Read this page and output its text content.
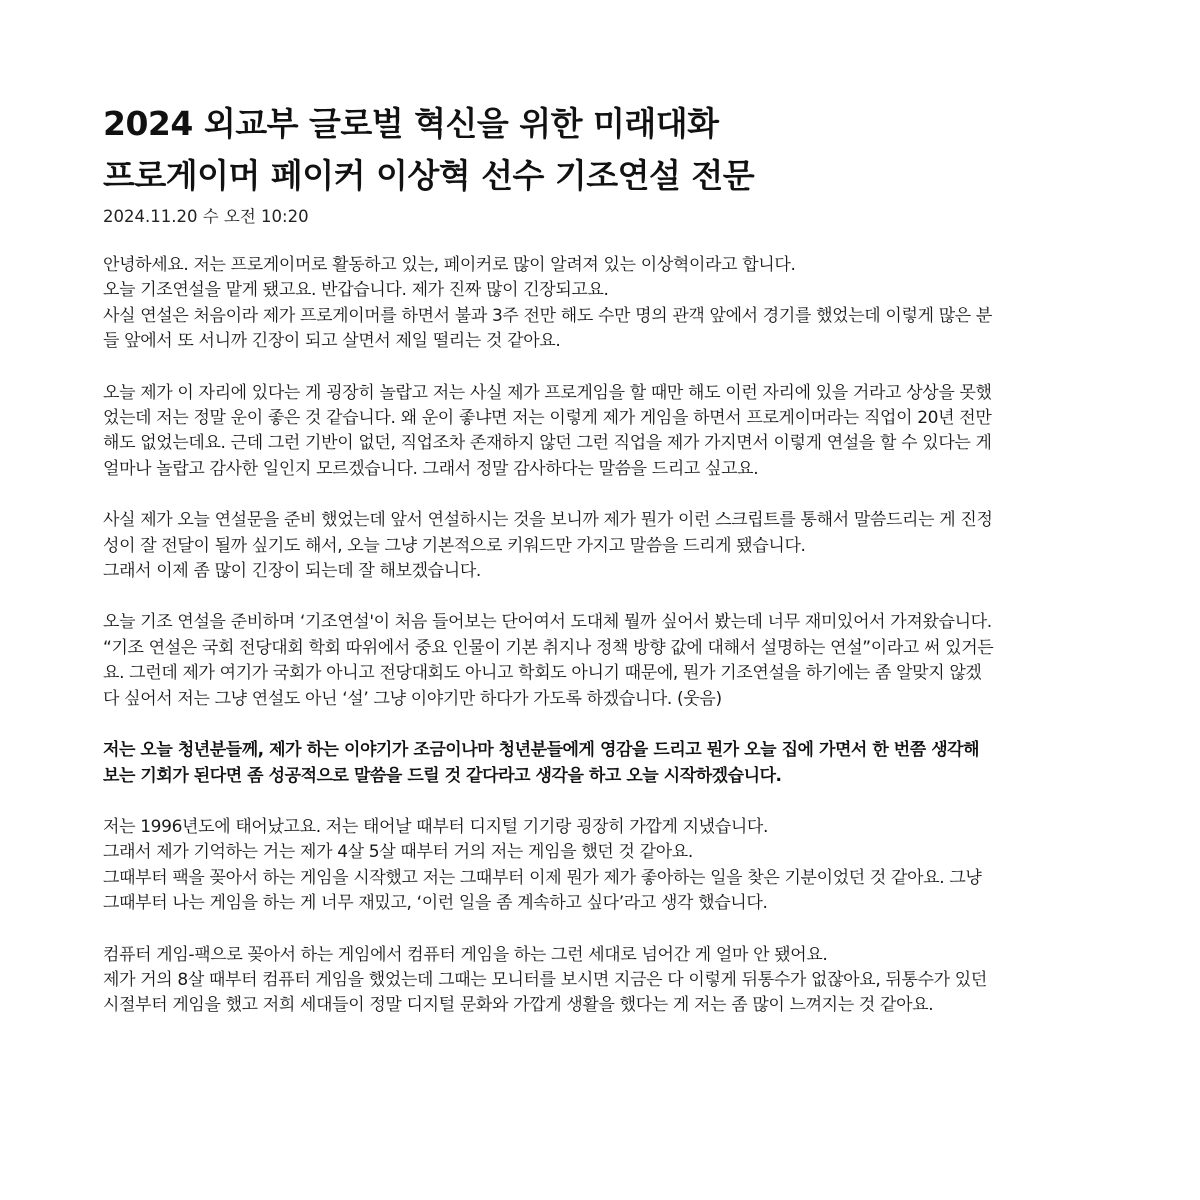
2024 외교부 글로벌 혁신을 위한 미래대화
프로게이머 페이커 이상혁 선수 기조연설 전문
2024.11.20 수 오전 10:20

안녕하세요. 저는 프로게이머로 활동하고 있는, 페이커로 많이 알려져 있는 이상혁이라고 합니다.
오늘 기조연설을 맡게 됐고요. 반갑습니다. 제가 진짜 많이 긴장되고요.
사실 연설은 처음이라 제가 프로게이머를 하면서 불과 3주 전만 해도 수만 명의 관객 앞에서 경기를 했었는데 이렇게 많은 분
들 앞에서 또 서니까 긴장이 되고 살면서 제일 떨리는 것 같아요.

오늘 제가 이 자리에 있다는 게 굉장히 놀랍고 저는 사실 제가 프로게임을 할 때만 해도 이런 자리에 있을 거라고 상상을 못했
었는데 저는 정말 운이 좋은 것 같습니다. 왜 운이 좋냐면 저는 이렇게 제가 게임을 하면서 프로게이머라는 직업이 20년 전만
해도 없었는데요. 근데 그런 기반이 없던, 직업조차 존재하지 않던 그런 직업을 제가 가지면서 이렇게 연설을 할 수 있다는 게
얼마나 놀랍고 감사한 일인지 모르겠습니다. 그래서 정말 감사하다는 말씀을 드리고 싶고요.

사실 제가 오늘 연설문을 준비 했었는데 앞서 연설하시는 것을 보니까 제가 뭔가 이런 스크립트를 통해서 말씀드리는 게 진정
성이 잘 전달이 될까 싶기도 해서, 오늘 그냥 기본적으로 키워드만 가지고 말씀을 드리게 됐습니다.
그래서 이제 좀 많이 긴장이 되는데 잘 해보겠습니다.

오늘 기조 연설을 준비하며 ‘기조연설'이 처음 들어보는 단어여서 도대체 뭘까 싶어서 봤는데 너무 재미있어서 가져왔습니다.
“기조 연설은 국회 전당대회 학회 따위에서 중요 인물이 기본 취지나 정책 방향 값에 대해서 설명하는 연설”이라고 써 있거든
요. 그런데 제가 여기가 국회가 아니고 전당대회도 아니고 학회도 아니기 때문에, 뭔가 기조연설을 하기에는 좀 알맞지 않겠
다 싶어서 저는 그냥 연설도 아닌 ‘설’ 그냥 이야기만 하다가 가도록 하겠습니다. (웃음)

저는 오늘 청년분들께, 제가 하는 이야기가 조금이나마 청년분들에게 영감을 드리고 뭔가 오늘 집에 가면서 한 번쯤 생각해
보는 기회가 된다면 좀 성공적으로 말씀을 드릴 것 같다라고 생각을 하고 오늘 시작하겠습니다.

저는 1996년도에 태어났고요. 저는 태어날 때부터 디지털 기기랑 굉장히 가깝게 지냈습니다.
그래서 제가 기억하는 거는 제가 4살 5살 때부터 거의 저는 게임을 했던 것 같아요.
그때부터 팩을 꽂아서 하는 게임을 시작했고 저는 그때부터 이제 뭔가 제가 좋아하는 일을 찾은 기분이었던 것 같아요. 그냥
그때부터 나는 게임을 하는 게 너무 재밌고, ‘이런 일을 좀 계속하고 싶다’라고 생각 했습니다.

컴퓨터 게임-팩으로 꽂아서 하는 게임에서 컴퓨터 게임을 하는 그런 세대로 넘어간 게 얼마 안 됐어요.
제가 거의 8살 때부터 컴퓨터 게임을 했었는데 그때는 모니터를 보시면 지금은 다 이렇게 뒤통수가 없잖아요, 뒤통수가 있던
시절부터 게임을 했고 저희 세대들이 정말 디지털 문화와 가깝게 생활을 했다는 게 저는 좀 많이 느껴지는 것 같아요.
